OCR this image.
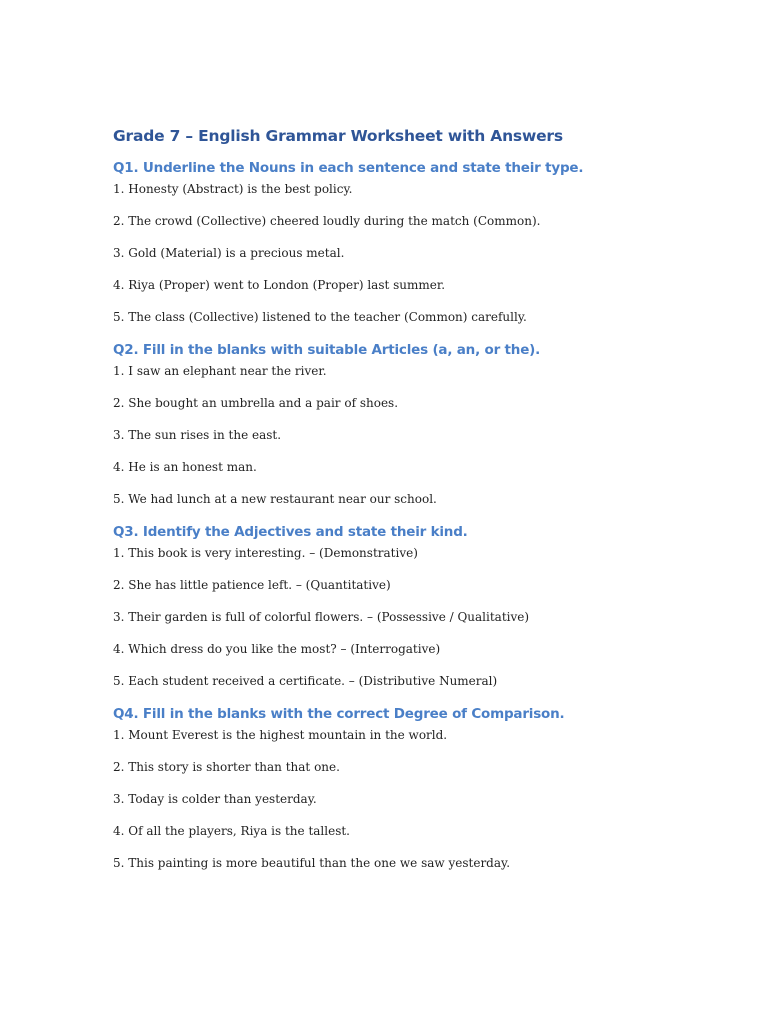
Grade 7 – English Grammar Worksheet with Answers
Q1. Underline the Nouns in each sentence and state their type.
1. Honesty (Abstract) is the best policy.
2. The crowd (Collective) cheered loudly during the match (Common).
3. Gold (Material) is a precious metal.
4. Riya (Proper) went to London (Proper) last summer.
5. The class (Collective) listened to the teacher (Common) carefully.
Q2. Fill in the blanks with suitable Articles (a, an, or the).
1. I saw an elephant near the river.
2. She bought an umbrella and a pair of shoes.
3. The sun rises in the east.
4. He is an honest man.
5. We had lunch at a new restaurant near our school.
Q3. Identify the Adjectives and state their kind.
1. This book is very interesting. – (Demonstrative)
2. She has little patience left. – (Quantitative)
3. Their garden is full of colorful flowers. – (Possessive / Qualitative)
4. Which dress do you like the most? – (Interrogative)
5. Each student received a certificate. – (Distributive Numeral)
Q4. Fill in the blanks with the correct Degree of Comparison.
1. Mount Everest is the highest mountain in the world.
2. This story is shorter than that one.
3. Today is colder than yesterday.
4. Of all the players, Riya is the tallest.
5. This painting is more beautiful than the one we saw yesterday.
